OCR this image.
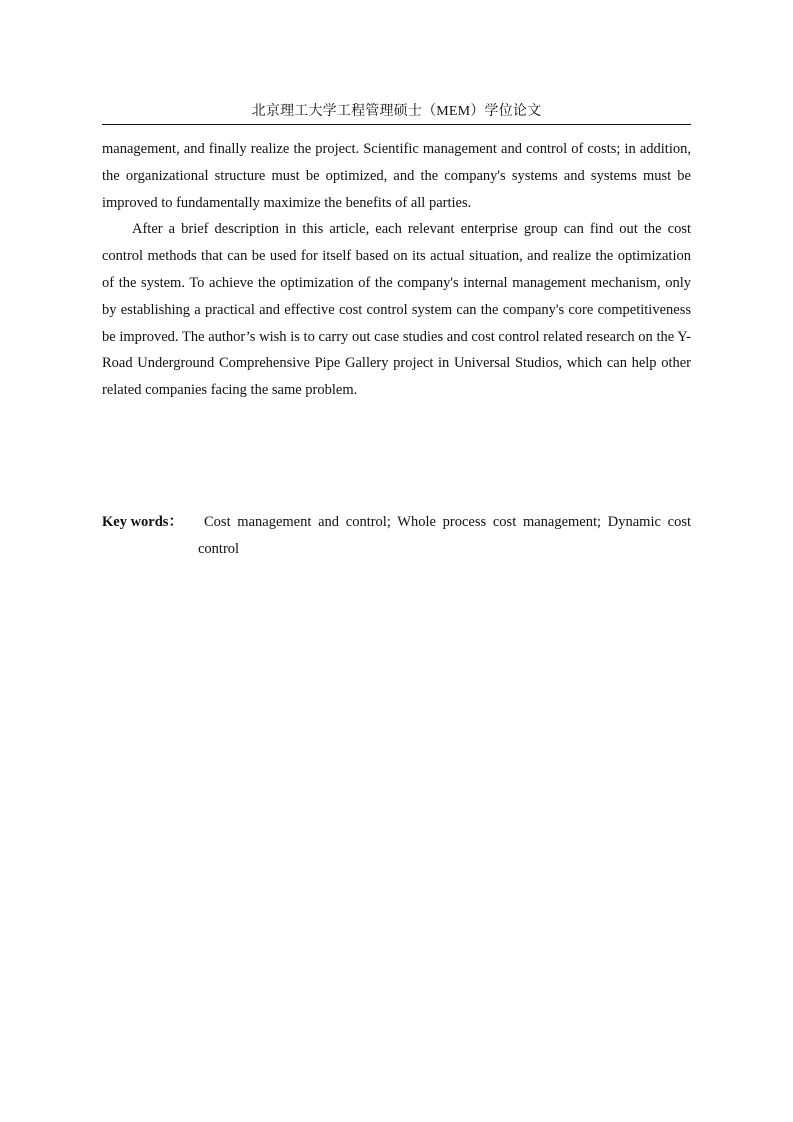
北京理工大学工程管理硕士（MEM）学位论文

management, and finally realize the project. Scientific management and control of costs; in addition, the organizational structure must be optimized, and the company's systems and systems must be improved to fundamentally maximize the benefits of all parties.

After a brief description in this article, each relevant enterprise group can find out the cost control methods that can be used for itself based on its actual situation, and realize the optimization of the system. To achieve the optimization of the company's internal management mechanism, only by establishing a practical and effective cost control system can the company's core competitiveness be improved. The author’s wish is to carry out case studies and cost control related research on the Y-Road Underground Comprehensive Pipe Gallery project in Universal Studios, which can help other related companies facing the same problem.

Key words：	Cost management and control; Whole process cost management; Dynamic cost control
